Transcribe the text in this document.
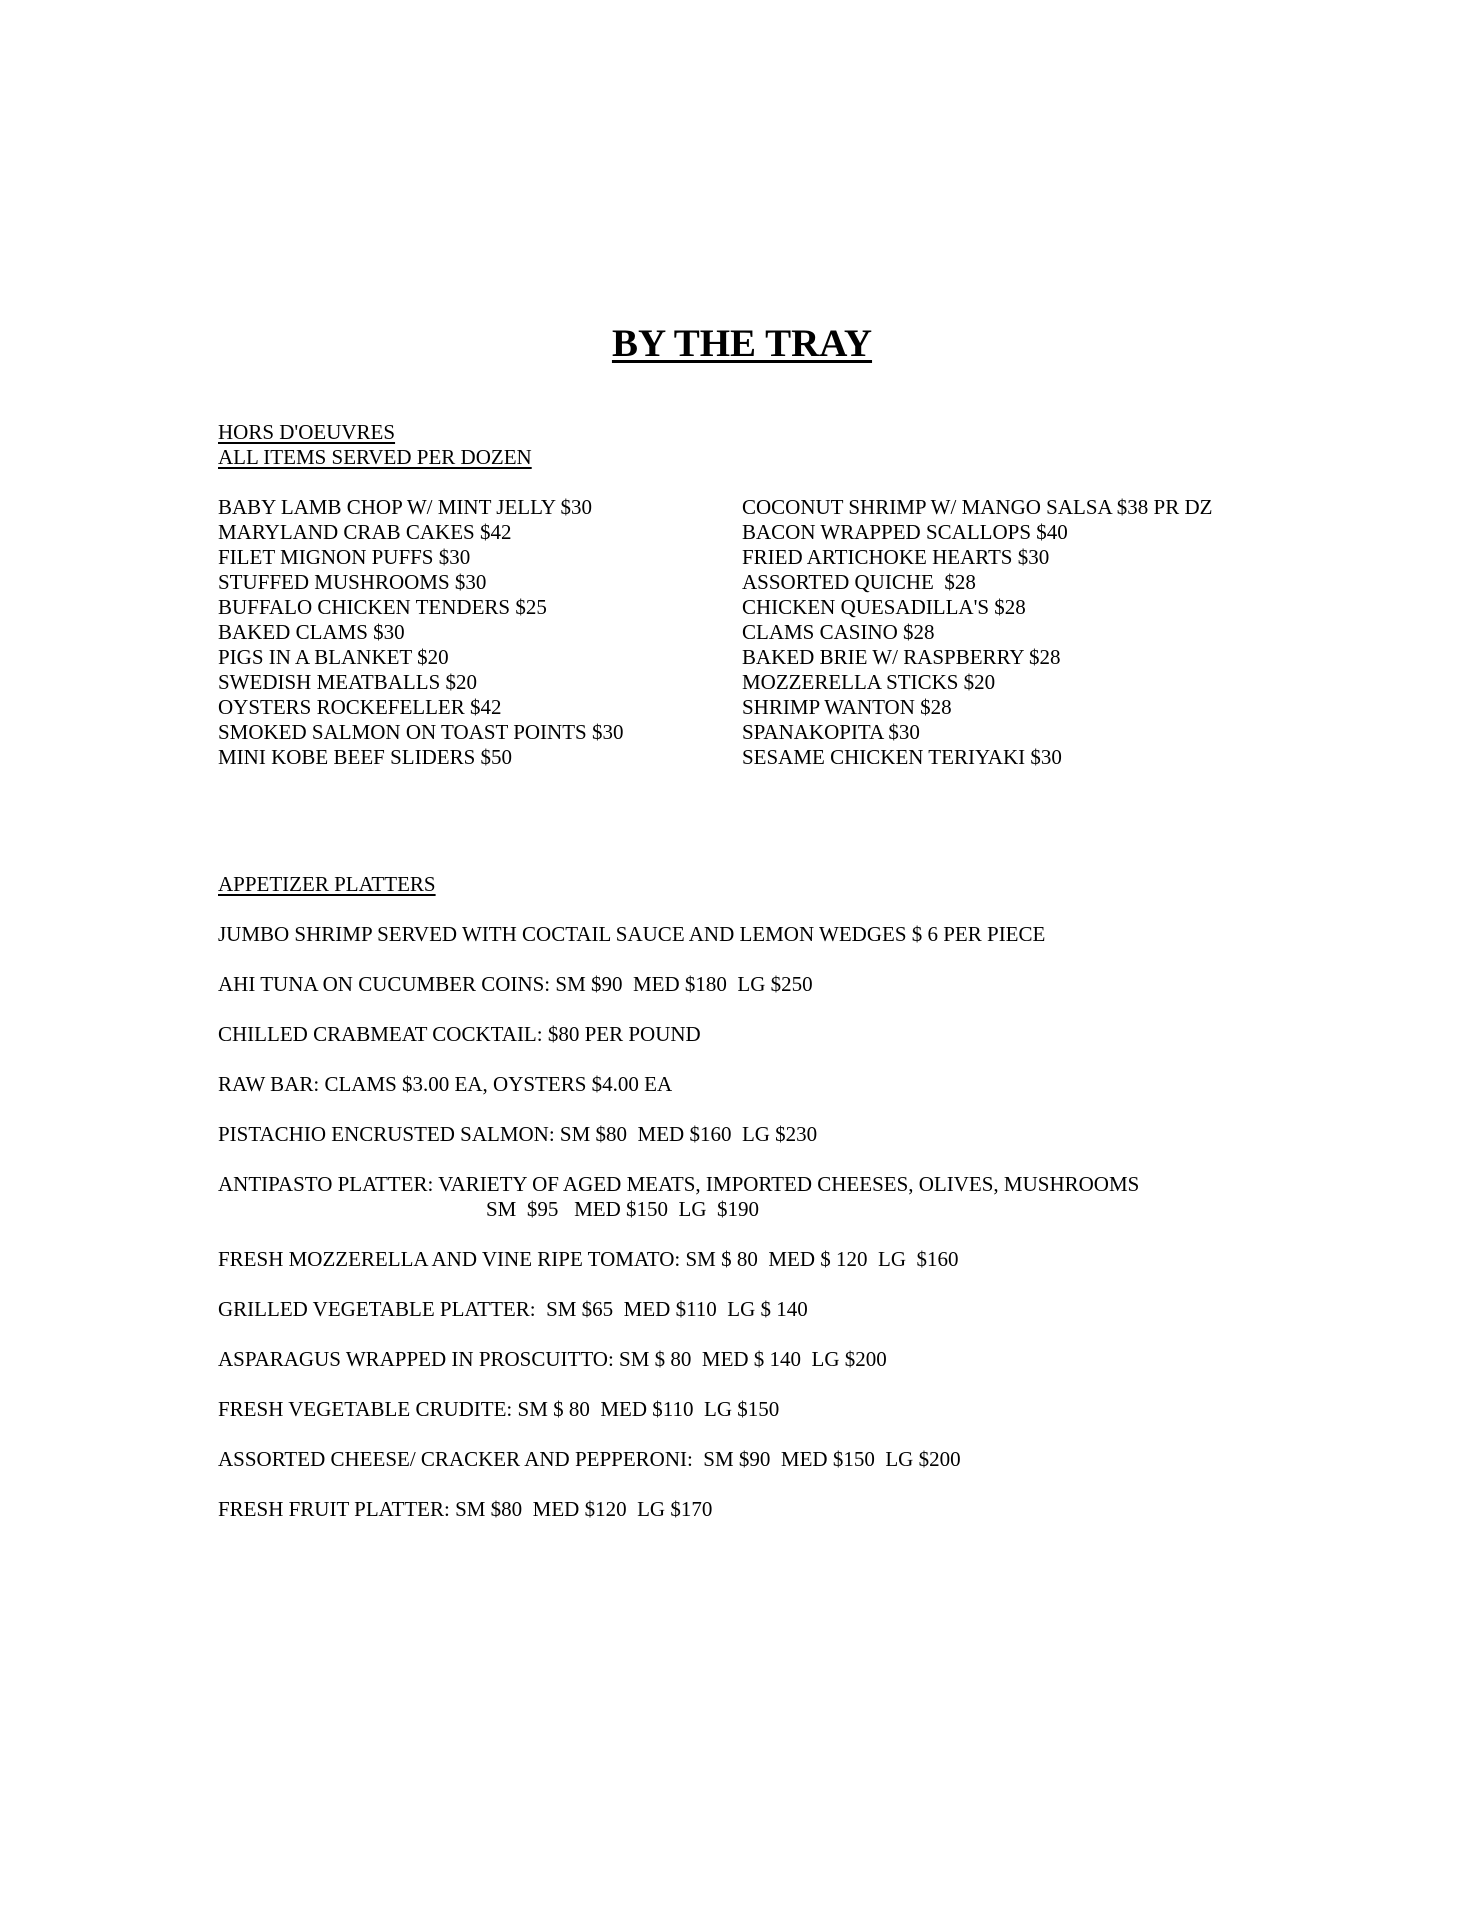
BY THE TRAY

HORS D'OEUVRES

ALL ITEMS SERVED PER DOZEN

BABY LAMB CHOP W/ MINT JELLY $30
MARYLAND CRAB CAKES $42
FILET MIGNON PUFFS $30
STUFFED MUSHROOMS $30
BUFFALO CHICKEN TENDERS $25
BAKED CLAMS $30
PIGS IN A BLANKET $20
SWEDISH MEATBALLS $20
OYSTERS ROCKEFELLER $42
SMOKED SALMON ON TOAST POINTS $30
MINI KOBE BEEF SLIDERS $50
COCONUT SHRIMP W/ MANGO SALSA $38 PR DZ
BACON WRAPPED SCALLOPS $40
FRIED ARTICHOKE HEARTS $30
ASSORTED QUICHE  $28
CHICKEN QUESADILLA'S $28
CLAMS CASINO $28
BAKED BRIE W/ RASPBERRY $28
MOZZERELLA STICKS $20
SHRIMP WANTON $28
SPANAKOPITA $30
SESAME CHICKEN TERIYAKI $30

APPETIZER PLATTERS

JUMBO SHRIMP SERVED WITH COCTAIL SAUCE AND LEMON WEDGES $ 6 PER PIECE
AHI TUNA ON CUCUMBER COINS: SM $90  MED $180  LG $250
CHILLED CRABMEAT COCKTAIL: $80 PER POUND
RAW BAR: CLAMS $3.00 EA, OYSTERS $4.00 EA
PISTACHIO ENCRUSTED SALMON: SM $80  MED $160  LG $230
ANTIPASTO PLATTER: VARIETY OF AGED MEATS, IMPORTED CHEESES, OLIVES, MUSHROOMS
SM  $95   MED $150  LG  $190
FRESH MOZZERELLA AND VINE RIPE TOMATO: SM $ 80  MED $ 120  LG  $160
GRILLED VEGETABLE PLATTER:  SM $65  MED $110  LG $ 140
ASPARAGUS WRAPPED IN PROSCUITTO: SM $ 80  MED $ 140  LG $200
FRESH VEGETABLE CRUDITE: SM $ 80  MED $110  LG $150
ASSORTED CHEESE/ CRACKER AND PEPPERONI:  SM $90  MED $150  LG $200
FRESH FRUIT PLATTER: SM $80  MED $120  LG $170
